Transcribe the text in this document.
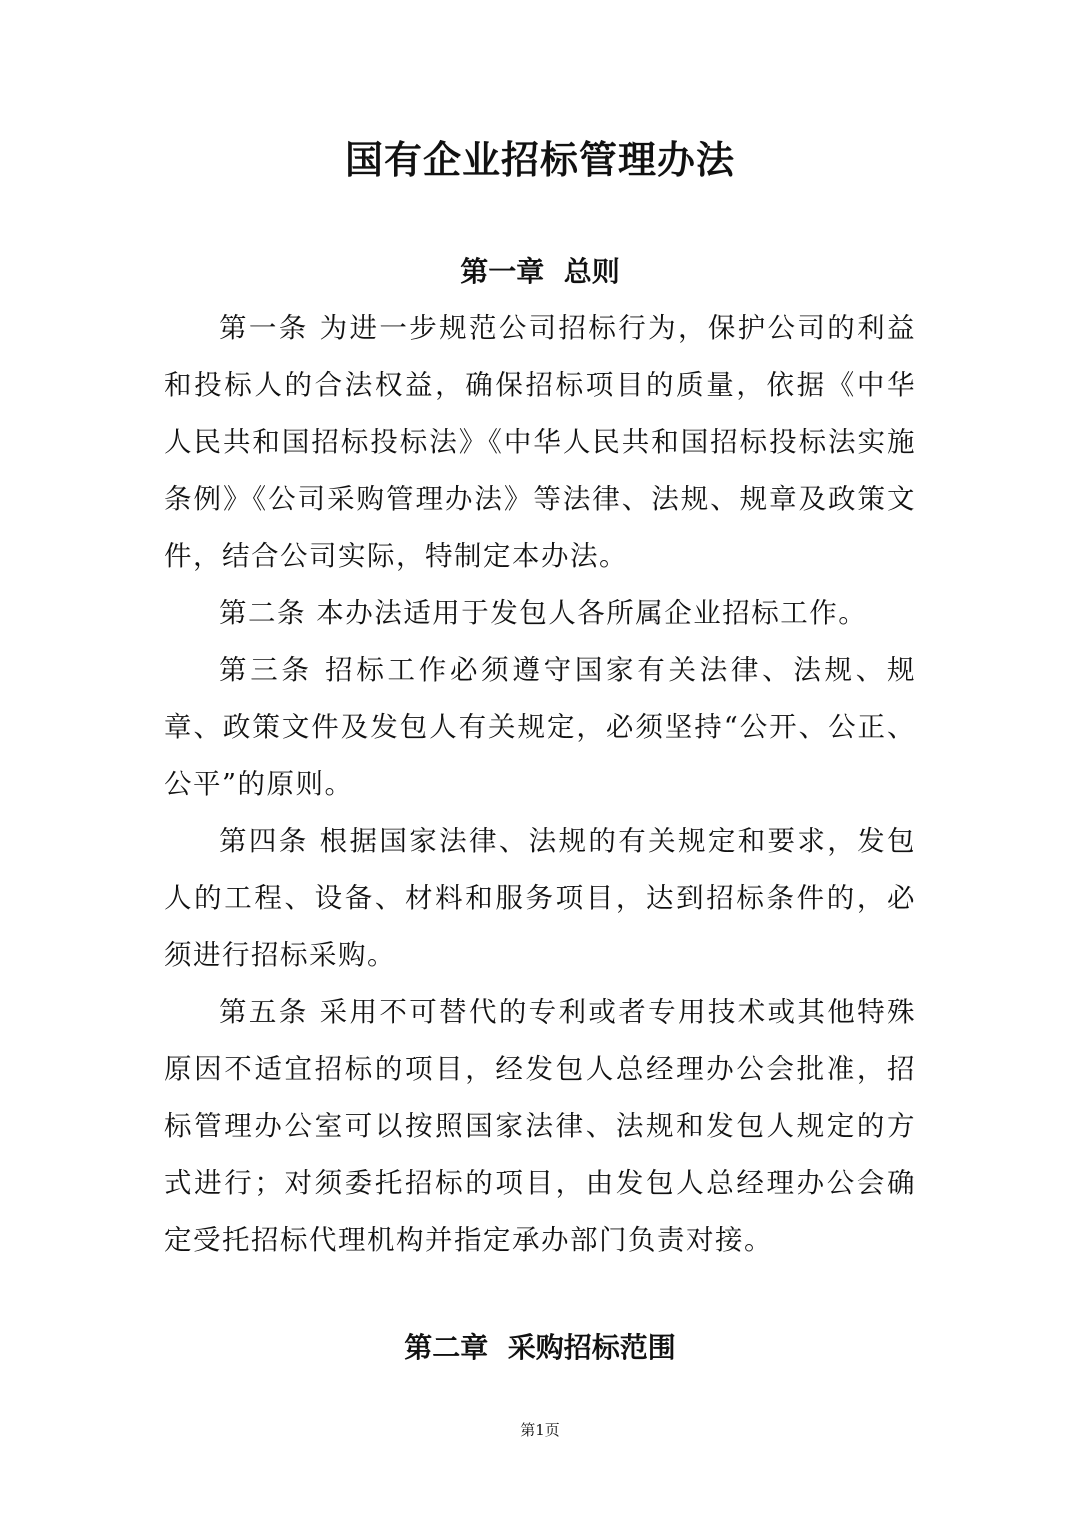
国有企业招标管理办法
第一章  总则

第一条 为进一步规范公司招标行为，保护公司的利益和投标人的合法权益，确保招标项目的质量，依据《中华人民共和国招标投标法》《中华人民共和国招标投标法实施条例》《公司采购管理办法》等法律、法规、规章及政策文件，结合公司实际，特制定本办法。

第二条 本办法适用于发包人各所属企业招标工作。

第三条 招标工作必须遵守国家有关法律、法规、规章、政策文件及发包人有关规定，必须坚持“公开、公正、公平”的原则。

第四条 根据国家法律、法规的有关规定和要求，发包人的工程、设备、材料和服务项目，达到招标条件的，必须进行招标采购。

第五条 采用不可替代的专利或者专用技术或其他特殊原因不适宜招标的项目，经发包人总经理办公会批准，招标管理办公室可以按照国家法律、法规和发包人规定的方式进行；对须委托招标的项目，由发包人总经理办公会确定受托招标代理机构并指定承办部门负责对接。

第二章  采购招标范围
第1页
